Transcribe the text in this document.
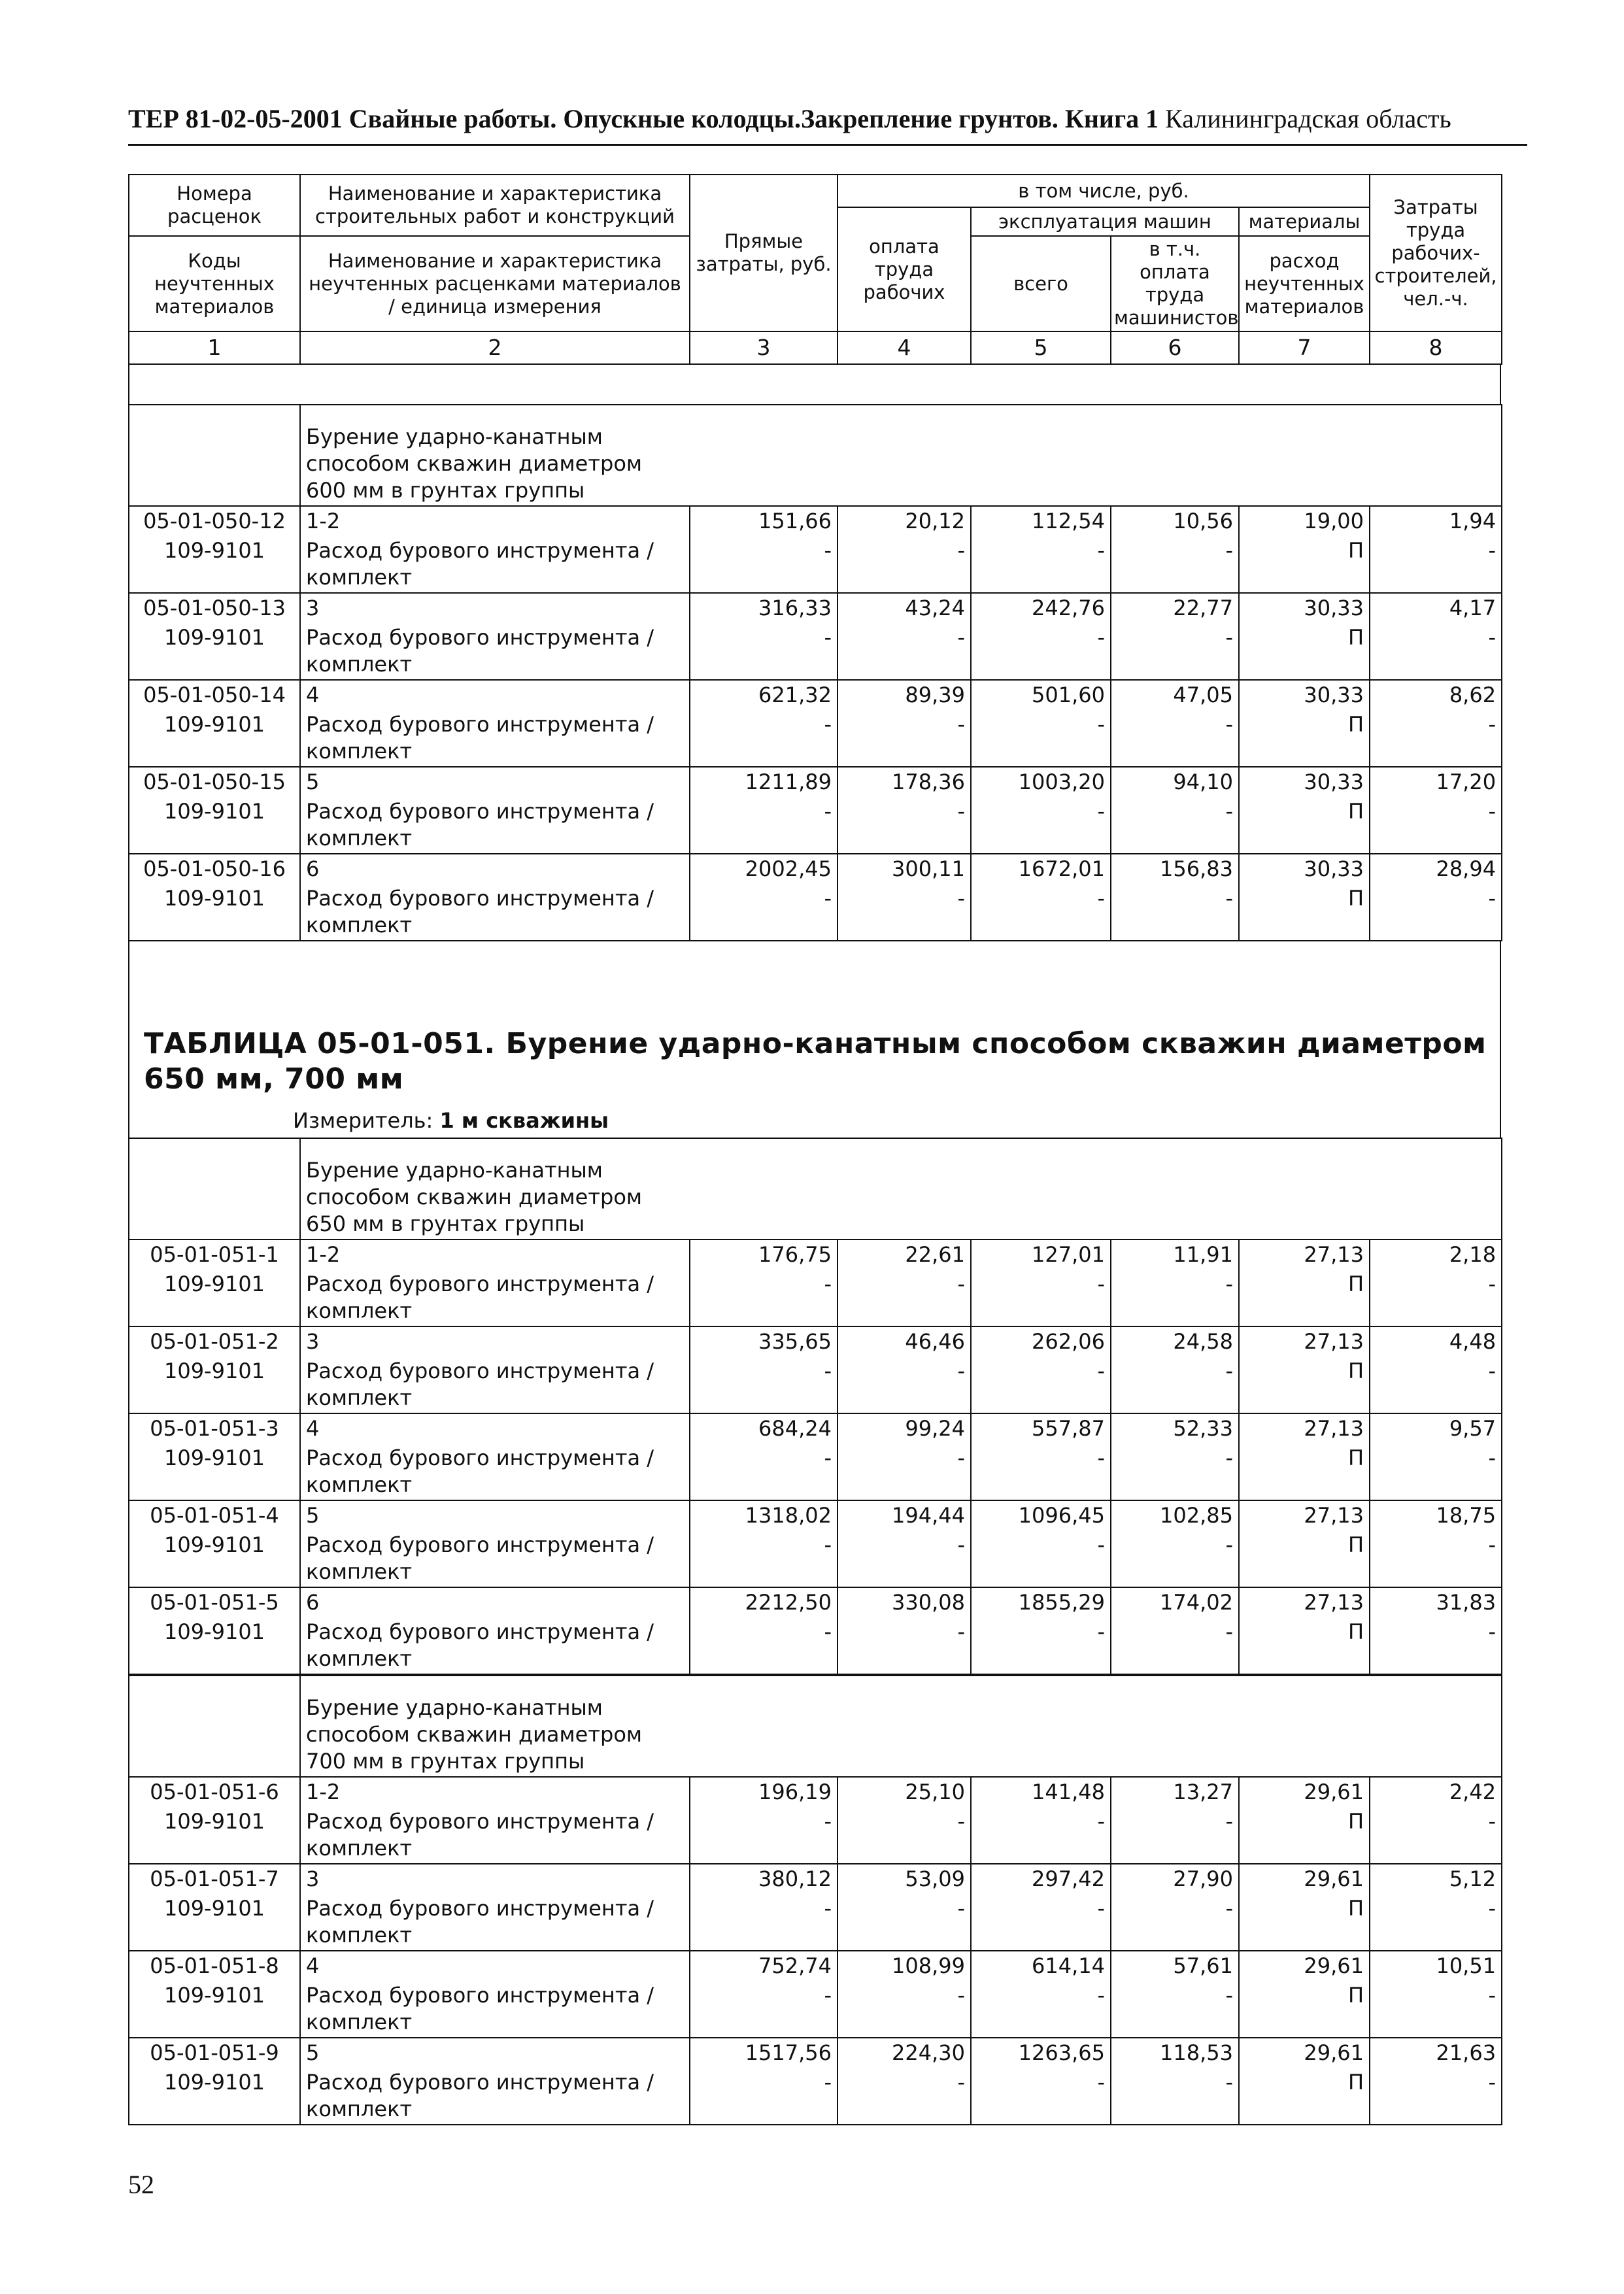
ТЕР 81-02-05-2001 Свайные работы. Опускные колодцы.Закрепление грунтов. Книга 1 Калининградская область
Номера расценок	Наименование и характеристика строительных работ и конструкций	Прямые затраты, руб.	в том числе, руб.				Затраты труда рабочих-строителей, чел.-ч.
			оплата труда рабочих	эксплуатация машин		материалы	
Коды неучтенных материалов	Наименование и характеристика неучтенных расценками материалов / единица измерения			всего	в т.ч. оплата труда машинистов	расход неучтенных материалов	

1	2	3	4	5	6	7	8

	Бурение ударно-канатным способом скважин диаметром 600 мм в грунтах группы						

05-01-050-12	1-2	151,66	20,12	112,54	10,56	19,00	1,94
109-9101	Расход бурового инструмента / комплект	-	-	-	-	П	-
05-01-050-13	3	316,33	43,24	242,76	22,77	30,33	4,17
109-9101	Расход бурового инструмента / комплект	-	-	-	-	П	-
05-01-050-14	4	621,32	89,39	501,60	47,05	30,33	8,62
109-9101	Расход бурового инструмента / комплект	-	-	-	-	П	-
05-01-050-15	5	1211,89	178,36	1003,20	94,10	30,33	17,20
109-9101	Расход бурового инструмента / комплект	-	-	-	-	П	-
05-01-050-16	6	2002,45	300,11	1672,01	156,83	30,33	28,94
109-9101	Расход бурового инструмента / комплект	-	-	-	-	П	-
ТАБЛИЦА 05-01-051. Бурение ударно-канатным способом скважин диаметром 650 мм, 700 мм
Измеритель: 1 м скважины

	Бурение ударно-канатным способом скважин диаметром 650 мм в грунтах группы						

05-01-051-1	1-2	176,75	22,61	127,01	11,91	27,13	2,18
109-9101	Расход бурового инструмента / комплект	-	-	-	-	П	-
05-01-051-2	3	335,65	46,46	262,06	24,58	27,13	4,48
109-9101	Расход бурового инструмента / комплект	-	-	-	-	П	-
05-01-051-3	4	684,24	99,24	557,87	52,33	27,13	9,57
109-9101	Расход бурового инструмента / комплект	-	-	-	-	П	-
05-01-051-4	5	1318,02	194,44	1096,45	102,85	27,13	18,75
109-9101	Расход бурового инструмента / комплект	-	-	-	-	П	-
05-01-051-5	6	2212,50	330,08	1855,29	174,02	27,13	31,83
109-9101	Расход бурового инструмента / комплект	-	-	-	-	П	-

	Бурение ударно-канатным способом скважин диаметром 700 мм в грунтах группы						

05-01-051-6	1-2	196,19	25,10	141,48	13,27	29,61	2,42
109-9101	Расход бурового инструмента / комплект	-	-	-	-	П	-
05-01-051-7	3	380,12	53,09	297,42	27,90	29,61	5,12
109-9101	Расход бурового инструмента / комплект	-	-	-	-	П	-
05-01-051-8	4	752,74	108,99	614,14	57,61	29,61	10,51
109-9101	Расход бурового инструмента / комплект	-	-	-	-	П	-
05-01-051-9	5	1517,56	224,30	1263,65	118,53	29,61	21,63
109-9101	Расход бурового инструмента / комплект	-	-	-	-	П	-
52
